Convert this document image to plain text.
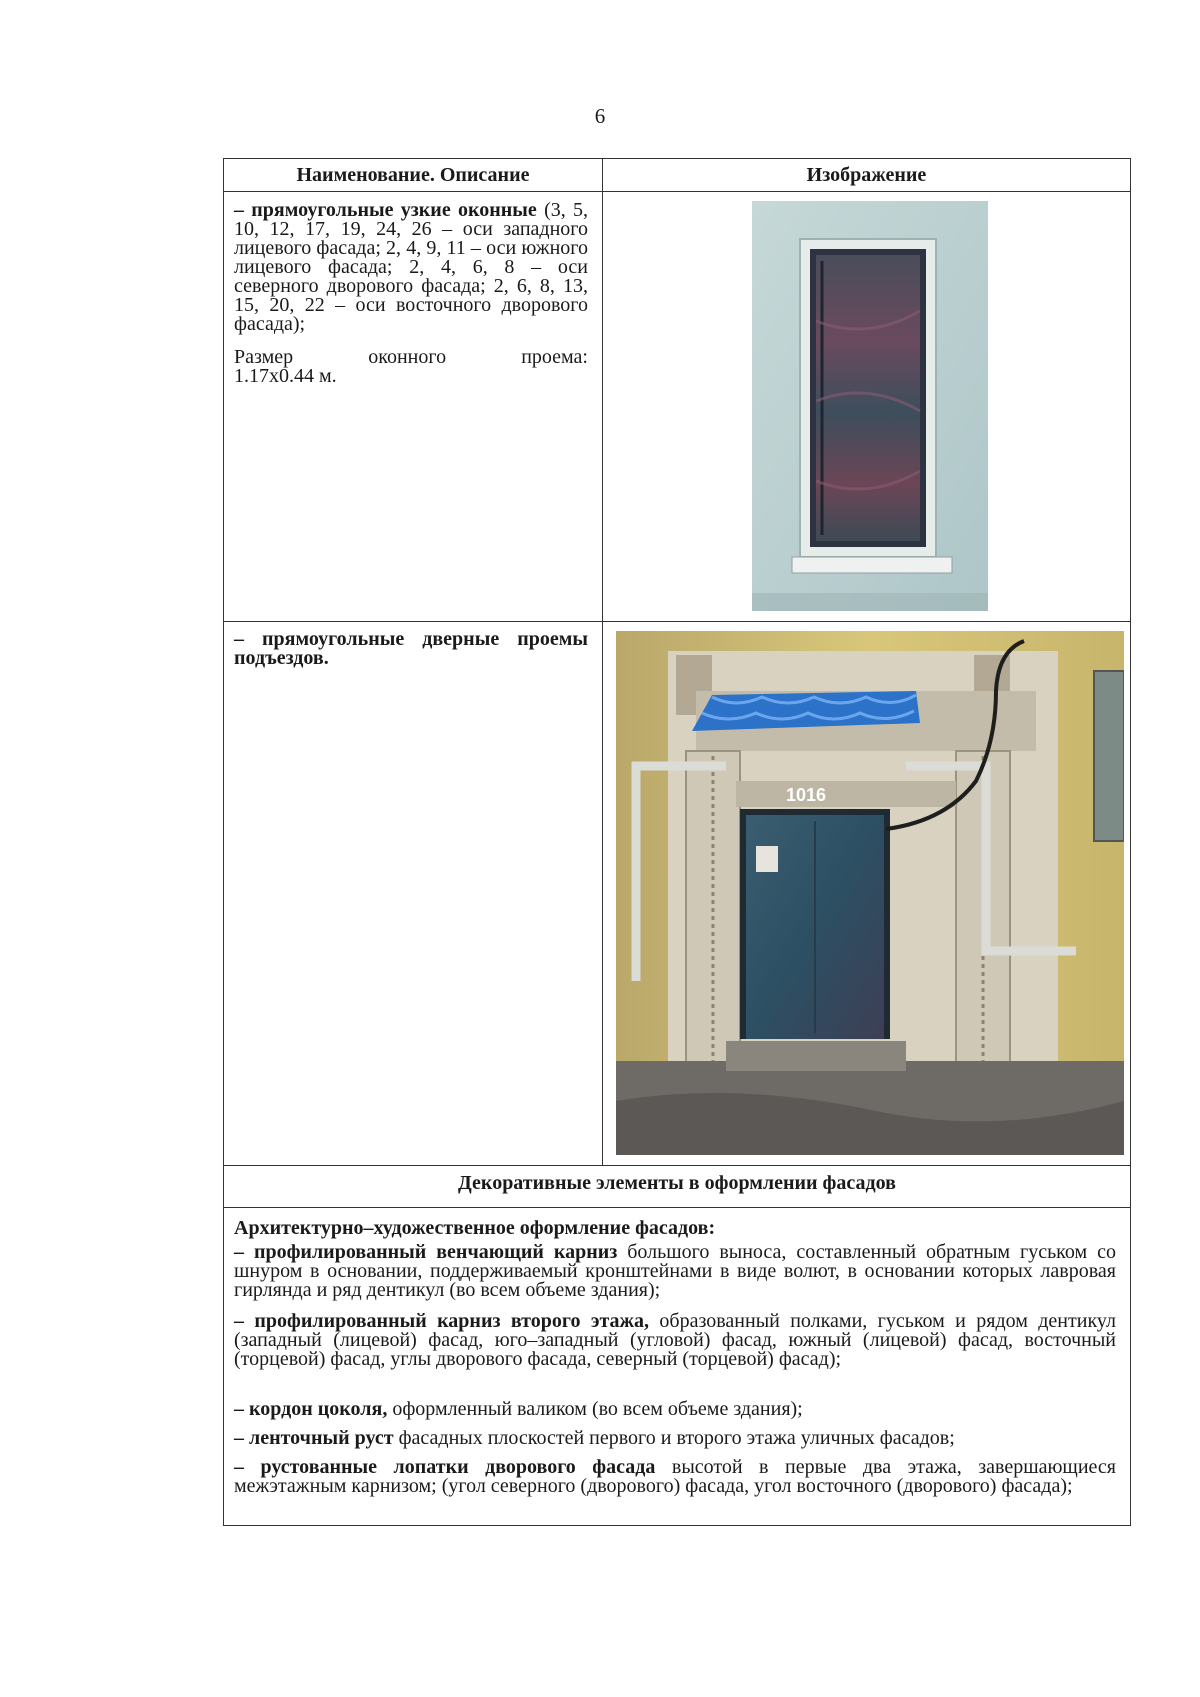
6
Наименование. Описание	Изображение
– прямоугольные узкие оконные (3, 5, 10, 12, 17, 19, 24, 26 – оси западного лицевого фасада; 2, 4, 9, 11 – оси южного лицевого фасада; 2, 4, 6, 8 – оси северного дворового фасада; 2, 6, 8, 13, 15, 20, 22 – оси восточного дворового фасада);
Размер оконного проема:
1.17x0.44 м.
– прямоугольные дверные проемы подъездов.
1016
Декоративные элементы в оформлении фасадов
Архитектурно–художественное оформление фасадов:
– профилированный венчающий карниз большого выноса, составленный обратным гуськом со шнуром в основании, поддерживаемый кронштейнами в виде волют, в основании которых лавровая гирлянда и ряд дентикул (во всем объеме здания);
– профилированный карниз второго этажа, образованный полками, гуськом и рядом дентикул (западный (лицевой) фасад, юго–западный (угловой) фасад, южный (лицевой) фасад, восточный (торцевой) фасад, углы дворового фасада, северный (торцевой) фасад);
– кордон цоколя, оформленный валиком (во всем объеме здания);
– ленточный руст фасадных плоскостей первого и второго этажа уличных фасадов;
– рустованные лопатки дворового фасада высотой в первые два этажа, завершающиеся межэтажным карнизом; (угол северного (дворового) фасада, угол восточного (дворового) фасада);
